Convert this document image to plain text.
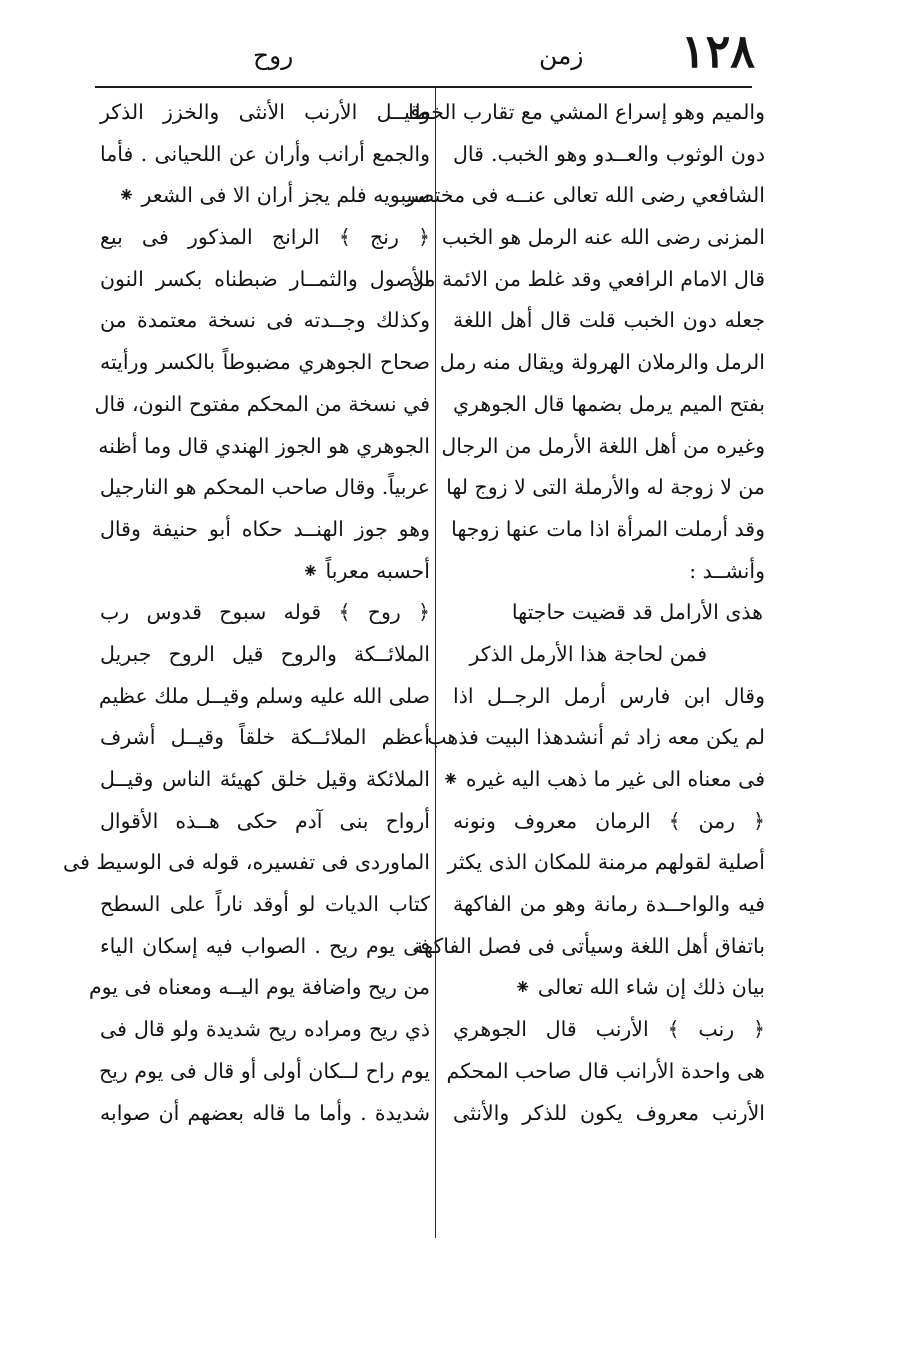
روح	زمن ١٢٨
والميم وهو إسراع المشي مع تقارب الخطا
دون الوثوب والعــدو وهو الخبب. قال
الشافعي رضى الله تعالى عنــه فى مختصر
المزنى رضى الله عنه الرمل هو الخبب
قال الامام الرافعي وقد غلط من الائمة من
جعله دون الخبب قلت قال أهل اللغة
الرمل والرملان الهرولة ويقال منه رمل
بفتح الميم يرمل بضمها قال الجوهري
وغيره من أهل اللغة الأرمل من الرجال
من لا زوجة له والأرملة التى لا زوج لها
وقد أرملت المرأة اذا مات عنها زوجها
وأنشــد :
هذى الأرامل قد قضيت حاجتها
فمن لحاجة هذا الأرمل الذكر
وقال ابن فارس أرمل الرجــل اذا
لم يكن معه زاد ثم أنشدهذا البيت فذهب
فى معناه الى غير ما ذهب اليه غيره ⁕
﴿ رمن ﴾ الرمان معروف ونونه
أصلية لقولهم مرمنة للمكان الذى يكثر
فيه والواحــدة رمانة وهو من الفاكهة
باتفاق أهل اللغة وسيأتى فى فصل الفاكهة
بيان ذلك إن شاء الله تعالى ⁕
﴿ رنب ﴾ الأرنب قال الجوهري
هى واحدة الأرانب قال صاحب المحكم
الأرنب معروف يكون للذكر والأنثى
وقيــل الأرنب الأنثى والخزز الذكر
والجمع أرانب وأران عن اللحيانى . فأما
سيبويه فلم يجز أران الا فى الشعر ⁕
﴿ رنج ﴾ الرانج المذكور فى بيع
الأصول والثمــار ضبطناه بكسر النون
وكذلك وجــدته فى نسخة معتمدة من
صحاح الجوهري مضبوطاً بالكسر ورأيته
في نسخة من المحكم مفتوح النون، قال
الجوهري هو الجوز الهندي قال وما أظنه
عربياً. وقال صاحب المحكم هو النارجيل
وهو جوز الهنــد حكاه أبو حنيفة وقال
أحسبه معرباً ⁕
﴿ روح ﴾ قوله سبوح قدوس رب
الملائــكة والروح قيل الروح جبريل
صلى الله عليه وسلم وقيــل ملك عظيم
أعظم الملائــكة خلقاً وقيــل أشرف
الملائكة وقيل خلق كهيئة الناس وقيــل
أرواح بنى آدم حكى هــذه الأقوال
الماوردى فى تفسيره، قوله فى الوسيط فى
كتاب الديات لو أوقد ناراً على السطح
فى يوم ريح . الصواب فيه إسكان الياء
من ريح واضافة يوم اليــه ومعناه فى يوم
ذي ريح ومراده ريح شديدة ولو قال فى
يوم راح لــكان أولى أو قال فى يوم ريح
شديدة . وأما ما قاله بعضهم أن صوابه
